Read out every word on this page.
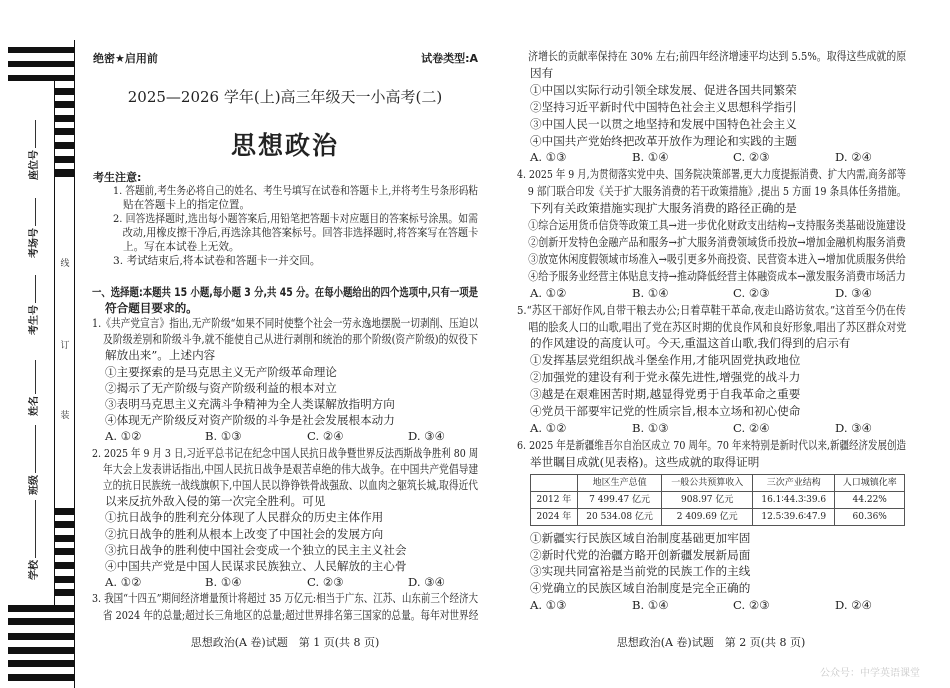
线
订
装
座位号
考场号
考生号
姓名
班级
学校
绝密★启用前	试卷类型:A
2025—2026 学年(上)高三年级天一小高考(二)
思想政治
考生注意:
1. 答题前,考生务必将自己的姓名、考生号填写在试卷和答题卡上,并将考生号条形码粘
贴在答题卡上的指定位置。
2. 回答选择题时,选出每小题答案后,用铅笔把答题卡对应题目的答案标号涂黑。如需
改动,用橡皮擦干净后,再选涂其他答案标号。回答非选择题时,将答案写在答题卡
上。写在本试卷上无效。
3. 考试结束后,将本试卷和答题卡一并交回。
一、选择题:本题共 15 小题,每小题 3 分,共 45 分。在每小题给出的四个选项中,只有一项是
符合题目要求的。
1.《共产党宣言》指出,无产阶级“如果不同时使整个社会一劳永逸地摆脱一切剥削、压迫以
及阶级差别和阶级斗争,就不能使自己从进行剥削和统治的那个阶级(资产阶级)的奴役下
解放出来”。上述内容
①主要探索的是马克思主义无产阶级革命理论
②揭示了无产阶级与资产阶级利益的根本对立
③表明马克思主义充满斗争精神为全人类谋解放指明方向
④体现无产阶级反对资产阶级的斗争是社会发展根本动力
A. ①②	B. ①③	C. ②④	D. ③④
2. 2025 年 9 月 3 日,习近平总书记在纪念中国人民抗日战争暨世界反法西斯战争胜利 80 周
年大会上发表讲话指出,中国人民抗日战争是艰苦卓绝的伟大战争。在中国共产党倡导建
立的抗日民族统一战线旗帜下,中国人民以铮铮铁骨战强敌、以血肉之躯筑长城,取得近代
以来反抗外敌入侵的第一次完全胜利。可见
①抗日战争的胜利充分体现了人民群众的历史主体作用
②抗日战争的胜利从根本上改变了中国社会的发展方向
③抗日战争的胜利使中国社会变成一个独立的民主主义社会
④中国共产党是中国人民谋求民族独立、人民解放的主心骨
A. ①②	B. ①④	C. ②③	D. ③④
3. 我国“十四五”期间经济增量预计将超过 35 万亿元:相当于广东、江苏、山东前三个经济大
省 2024 年的总量;超过长三角地区的总量;超过世界排名第三国家的总量。每年对世界经
济增长的贡献率保持在 30% 左右;前四年经济增速平均达到 5.5%。取得这些成就的原
因有
①中国以实际行动引领全球发展、促进各国共同繁荣
②坚持习近平新时代中国特色社会主义思想科学指引
③中国人民一以贯之地坚持和发展中国特色社会主义
④中国共产党始终把改革开放作为理论和实践的主题
A. ①③	B. ①④	C. ②③	D. ②④
4. 2025 年 9 月,为贯彻落实党中央、国务院决策部署,更大力度提振消费、扩大内需,商务部等
9 部门联合印发《关于扩大服务消费的若干政策措施》,提出 5 方面 19 条具体任务措施。
下列有关政策措施实现扩大服务消费的路径正确的是
①综合运用货币信贷等政策工具→进一步优化财政支出结构→支持服务类基础设施建设
②创新开发特色金融产品和服务→扩大服务消费领域货币投放→增加金融机构服务消费
③放宽休闲度假领域市场准入→吸引更多外商投资、民营资本进入→增加优质服务供给
④给予服务业经营主体贴息支持→推动降低经营主体融资成本→激发服务消费市场活力
A. ①②	B. ①④	C. ②③	D. ③④
5.“苏区干部好作风,自带干粮去办公;日着草鞋干革命,夜走山路访贫农。”这首至今仍在传
唱的脍炙人口的山歌,唱出了党在苏区时期的优良作风和良好形象,唱出了苏区群众对党
的作风建设的高度认可。今天,重温这首山歌,我们得到的启示有
①发挥基层党组织战斗堡垒作用,才能巩固党执政地位
②加强党的建设有利于党永葆先进性,增强党的战斗力
③越是在艰难困苦时期,越显得党勇于自我革命之重要
④党员干部要牢记党的性质宗旨,根本立场和初心使命
A. ①②	B. ①③	C. ②④	D. ③④
6. 2025 年是新疆维吾尔自治区成立 70 周年。70 年来特别是新时代以来,新疆经济发展创造
举世瞩目成就(见表格)。这些成就的取得证明
	地区生产总值	一般公共预算收入	三次产业结构	人口城镇化率
2012 年	7 499.47 亿元	908.97 亿元	16.1∶44.3∶39.6	44.22%
2024 年	20 534.08 亿元	2 409.69 亿元	12.5∶39.6∶47.9	60.36%
①新疆实行民族区域自治制度基础更加牢固
②新时代党的治疆方略开创新疆发展新局面
③实现共同富裕是当前党的民族工作的主线
④党确立的民族区域自治制度是完全正确的
A. ①③	B. ①④	C. ②③	D. ②④
思想政治(A 卷)试题　第 1 页(共 8 页)	思想政治(A 卷)试题　第 2 页(共 8 页)
公众号：中学英语课堂
